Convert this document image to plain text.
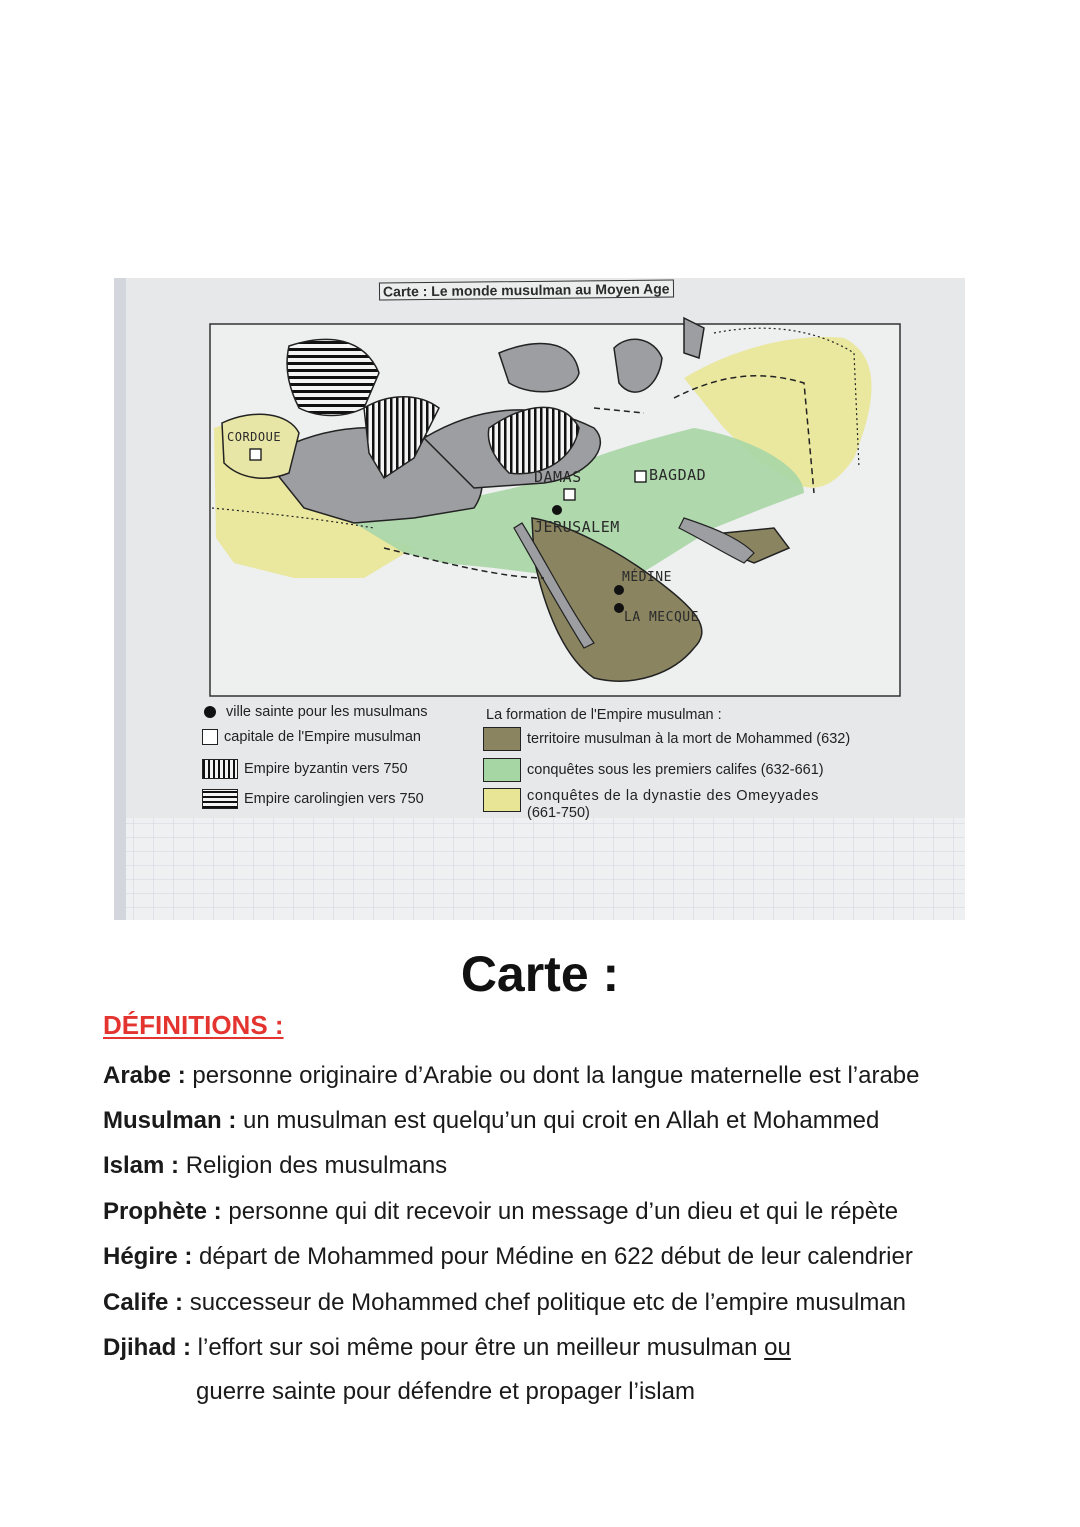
Carte : Le monde musulman au Moyen Age
CORDOUE
DAMAS	BAGDAD
JERUSALEM
MÉDINE
LA MECQUE
ville sainte pour les musulmans
capitale de l'Empire musulman
Empire byzantin vers 750
Empire carolingien vers 750
La formation de l'Empire musulman :
territoire musulman à la mort de Mohammed (632)
conquêtes sous les premiers califes (632-661)
conquêtes de la dynastie des Omeyyades
(661-750)
Carte :
DÉFINITIONS :
Arabe : personne originaire d’Arabie ou dont la langue maternelle est l’arabe
Musulman : un musulman est quelqu’un qui croit en Allah et Mohammed
Islam : Religion des musulmans
Prophète : personne qui dit recevoir un message d’un dieu et qui le répète
Hégire : départ de Mohammed pour Médine en 622 début de leur calendrier
Calife : successeur de Mohammed chef politique etc de l’empire musulman
Djihad : l’effort sur soi même pour être un meilleur musulman ou
guerre sainte pour défendre et propager l’islam
